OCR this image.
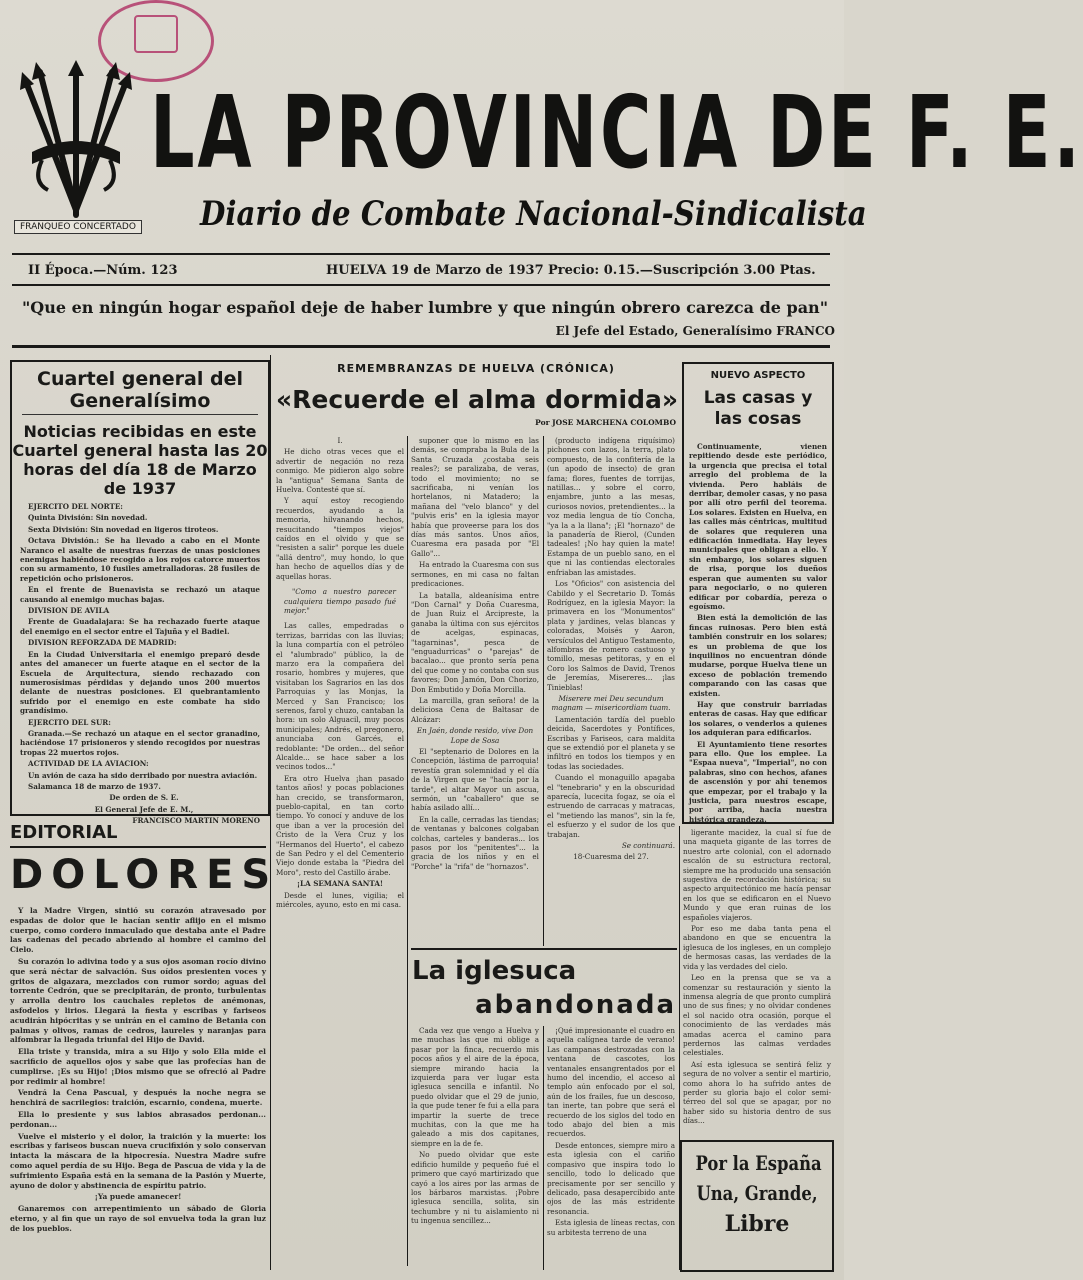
LA PROVINCIA DE F. E.
Diario de Combate Nacional-Sindicalista
FRANQUEO CONCERTADO
II Época.—Núm. 123	HUELVA 19 de Marzo de 1937 Precio: 0.15.—Suscripción 3.00 Ptas.
"Que en ningún hogar español deje de haber lumbre y que ningún obrero carezca de pan"
El Jefe del Estado, Generalísimo FRANCO
Cuartel general del
Generalísimo
Noticias recibidas en este
Cuartel general hasta las 20
horas del día 18 de Marzo
de 1937

EJERCITO DEL NORTE:

Quinta División: Sin novedad.

Sexta División: Sin novedad en ligeros tiroteos.

Octava División.: Se ha llevado a cabo en el Monte Naranco el asalte de nuestras fuerzas de unas posiciones enemigas habiéndose recogido a los rojos catorce muertos con su armamento, 10 fusiles ametralladoras. 28 fusiles de repetición ocho prisioneros.

En el frente de Buenavista se rechazó un ataque causando al enemigo muchas bajas.

DIVISION DE AVILA

Frente de Guadalajara: Se ha rechazado fuerte ataque del enemigo en el sector entre el Tajuña y el Badiel.

DIVISION REFORZADA DE MADRID:

En la Ciudad Universitaria el enemigo preparó desde antes del amanecer un fuerte ataque en el sector de la Escuela de Arquitectura, siendo rechazado con numerosísimas pérdidas y dejando unos 200 muertos delante de nuestras posiciones. El quebrantamiento sufrido por el enemigo en este combate ha sido grandísimo.

EJERCITO DEL SUR:

Granada.—Se rechazó un ataque en el sector granadino, haciéndose 17 prisioneros y siendo recogidos por nuestras tropas 22 muertos rojos.

ACTIVIDAD DE LA AVIACION:

Un avión de caza ha sido derribado por nuestra aviación.

Salamanca 18 de marzo de 1937.

De orden de S. E.

El General Jefe de E. M.,

FRANCISCO MARTIN MORENO

EDITORIAL
DOLORES

Y la Madre Virgen, sintió su corazón atravesado por espadas de dolor que le hacían sentir aflijo en el mismo cuerpo, como cordero inmaculado que destaba ante el Padre las cadenas del pecado abriendo al hombre el camino del Cielo.

Su corazón lo adivina todo y a sus ojos asoman rocío divino que será néctar de salvación. Sus oídos presienten voces y gritos de algazara, mezclados con rumor sordo; aguas del torrente Cedrón, que se precipitarán, de pronto, turbulentas y arrolla dentro los cauchales repletos de anémonas, asfodelos y lirios. Llegará la fiesta y escribas y fariseos acudirán hipócritas y se unirán en el camino de Betania con palmas y olivos, ramas de cedros, laureles y naranjas para alfombrar la llegada triunfal del Hijo de David.

Ella triste y transida, mira a su Hijo y solo Ella mide el sacrificio de aquellos ojos y sabe que las profecías han de cumplirse. ¡Es su Hijo! ¡Dios mismo que se ofreció al Padre por redimir al hombre!

Vendrá la Cena Pascual, y después la noche negra se henchirá de sacrilegios: traición, escarnio, condena, muerte.

Ella lo presiente y sus labios abrasados perdonan... perdonan...

Vuelve el misterio y el dolor, la traición y la muerte: los escribas y fariseos buscan nueva crucifixión y solo conservan intacta la máscara de la hipocresía. Nuestra Madre sufre como aquel perdía de su Hijo. Bega de Pascua de vida y la de sufrimiento España está en la semana de la Pasión y Muerte, ayuno de dolor y abstinencia de espíritu patrio.

¡Ya puede amanecer!

Ganaremos con arrepentimiento un sábado de Gloria eterno, y al fin que un rayo de sol envuelva toda la gran luz de los pueblos.

REMEMBRANZAS DE HUELVA (CRÓNICA)
«Recuerde el alma dormida»
Por JOSE MARCHENA COLOMBO

I.

He dicho otras veces que el advertir de negación no reza conmigo. Me pidieron algo sobre la "antigua" Semana Santa de Huelva. Contesté que sí.

Y aquí estoy recogiendo recuerdos, ayudando a la memoria, hilvanando hechos, resucitando "tiempos viejos" caídos en el olvido y que se "resisten a salir" porque les duele "allá dentro", muy hondo, lo que han hecho de aquellos días y de aquellas horas.

"Como a nuestro parecer cualquiera tiempo pasado fué mejor."

Las calles, empedradas o terrizas, barridas con las lluvias; la luna compartía con el petróleo el "alumbrado" público, la de marzo era la compañera del rosario, hombres y mujeres, que visitaban los Sagrarios en las dos Parroquias y las Monjas, la Merced y San Francisco; los serenos, farol y chuzo, cantaban la hora: un solo Alguacil, muy pocos municipales; Andrés, el pregonero, anunciaba con Garcés, el redoblante: "De orden... del señor Alcalde... se hace saber a los vecinos todos..."

Era otro Huelva ¡han pasado tantos años! y pocas poblaciones han crecido, se transformaron, pueblo-capital, en tan corto tiempo. Yo conocí y anduve de los que iban a ver la procesión del Cristo de la Vera Cruz y los "Hermanos del Huerto", el cabezo de San Pedro y el del Cementerio Viejo donde estaba la "Piedra del Moro", resto del Castillo árabe.

¡LA SEMANA SANTA!

Desde el lunes, vigilia; el miércoles, ayuno, esto en mi casa.

suponer que lo mismo en las demás, se compraba la Bula de la Santa Cruzada ¿costaba seis reales?; se paralizaba, de veras, todo el movimiento; no se sacrificaba, ni venían los hortelanos, ni Matadero; la mañana del "velo blanco" y del "pulvis eris" en la iglesia mayor había que proveerse para los dos días más santos. Unos años, Cuaresma era pasada por "El Gallo"...

Ha entrado la Cuaresma con sus sermones, en mi casa no faltan predicaciones.

La batalla, aldeanísima entre "Don Carnal" y Doña Cuaresma, de Juan Ruiz el Arcipreste, la ganaba la última con sus ejércitos de acelgas, espinacas, "tagarninas", pesca de "enguadurricas" o "parejas" de bacalao... que pronto sería pena del que come y no contaba con sus favores; Don Jamón, Don Chorizo, Don Embutido y Doña Morcilla.

La marcilla, gran señora! de la deliciosa Cena de Baltasar de Alcázar:

En Jaén, donde resido, vive Don Lope de Sosa

El "septenario de Dolores en la Concepción, lástima de parroquia! revestía gran solemnidad y el día de la Virgen que se "hacía por la tarde", el altar Mayor un ascua, sermón, un "caballero" que se había asilado allí...

En la calle, cerradas las tiendas; de ventanas y balcones colgaban colchas, carteles y banderas... los pasos por los "penitentes"... la gracia de los niños y en el "Porche" la "rifa" de "hornazos".

(producto indígena riquísimo) pichones con lazos, la terra, plato compuesto, de la confitería de la (un apodo de insecto) de gran fama; flores, fuentes de torrijas, natillas... y sobre el corro, enjambre, junto a las mesas, curiosos novios, pretendientes... la voz media lengua de tío Concha, "ya la a la llana"; ¡El "hornazo" de la panadería de Rierol, (Cunden tadeales! ¡No hay quien la mate! Estampa de un pueblo sano, en el que ni las contiendas electorales enfriaban las amistades.

Los "Oficios" con asistencia del Cabildo y el Secretario D. Tomás Rodríguez, en la iglesia Mayor: la primavera en los "Monumentos" plata y jardines, velas blancas y coloradas, Moisés y Aaron, versículos del Antiguo Testamento, alfombras de romero castuoso y tomillo, mesas petitoras, y en el Coro los Salmos de David, Trenos de Jeremías, Misereres... ¡las Tinieblas!

Miserere mei Deu secundum magnam — misericordiam tuam.

Lamentación tardía del pueblo deicida, Sacerdotes y Pontífices, Escribas y Fariseos, cara maldita que se extendió por el planeta y se infiltró en todos los tiempos y en todas las sociedades.

Cuando el monaguillo apagaba el "tenebrario" y en la obscuridad aparecía, lucecita fogaz, se oía el estruendo de carracas y matracas, el "metiendo las manos", sin la fe, el esfuerzo y el sudor de los que trabajan.

Se continuará.

18-Cuaresma del 27.

NUEVO ASPECTO
Las casas y
las cosas

Continuamente, vienen repitiendo desde este periódico, la urgencia que precisa el total arreglo del problema de la vivienda. Pero habláis de derribar, demoler casas, y no pasa por allí otro perfil del teorema. Los solares. Existen en Huelva, en las calles más céntricas, multitud de solares que requieren una edificación inmediata. Hay leyes municipales que obligan a ello. Y sin embargo, los solares siguen de risa, porque los dueños esperan que aumenten su valor para negociarlo, o no quieren edificar por cobardía, pereza o egoísmo.

Bien está la demolición de las fincas ruinosas. Pero bien está también construir en los solares; es un problema de que los inquilinos no encuentran dónde mudarse, porque Huelva tiene un exceso de población tremendo comparando con las casas que existen.

Hay que construir barriadas enteras de casas. Hay que edificar los solares, o venderlos a quienes los adquieran para edificarlos.

El Ayuntamiento tiene resortes para ello. Que los emplee. La "Espaa nueva", "Imperial", no con palabras, sino con hechos, afanes de ascensión y por ahí tenemos que empezar, por el trabajo y la justicia, para nuestros escape, por arriba, hacia nuestra histórica grandeza.

La iglesuca
abandonada

Cada vez que vengo a Huelva y me muchas las que mi oblige a pasar por la finca, recuerdo mis pocos años y el aire de la época, siempre mirando hacia la izquierda para ver lugar esta iglesuca sencilla e infantil. No puedo olvidar que el 29 de junio, la que pude tener fe fui a ella para impartir la suerte de trece muchitas, con la que me ha galeado a mis dos capitanes, siempre en la de fe.

No puedo olvidar que este edificio humilde y pequeño fué el primero que cayó martirizado que cayó a los aires por las armas de los bárbaros marxistas. ¡Pobre iglesuca sencilla, solita, sin techumbre y ni tu aislamiento ni tu ingenua sencillez...

¡Qué impresionante el cuadro en aquella calígnea tarde de verano! Las campanas destrozadas con la ventana de cascotes, los ventanales ensangrentados por el humo del incendio, el acceso al templo aún enfocado por el sol, aún de los frailes, fue un descoso, tan inerte, tan pobre que será el recuerdo de los siglos del todo en todo abajo del bien a mis recuerdos.

Desde entonces, siempre miro a esta iglesia con el cariño compasivo que inspira todo lo sencillo, todo lo delicado que precisamente por ser sencillo y delicado, pasa desapercibido ante ojos de las más estridente resonancia.

Esta iglesia de líneas rectas, con su arbitesta terreno de una

ligerante macidez, la cual sí fue de una maqueta gigante de las torres de nuestro arte colonial, con el adornado escalón de su estructura rectoral, siempre me ha producido una sensación sugestiva de recordación histórica; su aspecto arquitectónico me hacía pensar en los que se edificaron en el Nuevo Mundo y que eran ruinas de los españoles viajeros.

Por eso me daba tanta pena el abandono en que se encuentra la iglesuca de los ingleses, en un complejo de hermosas casas, las verdades de la vida y las verdades del cielo.

Leo en la prensa que se va a comenzar su restauración y siento la inmensa alegría de que pronto cumplirá uno de sus fines; y no olvidar condenes el sol nacido otra ocasión, porque el conocimiento de las verdades más amadas acerca el camino para perdernos las calmas verdades celestiales.

Así esta iglesuca se sentirá feliz y segura de no volver a sentir el martirio, como ahora lo ha sufrido antes de perder su gloria bajo el color semi-térreo del sol que se apagar, por no haber sido su historia dentro de sus días...

Por la España
Una, Grande,
Libre
